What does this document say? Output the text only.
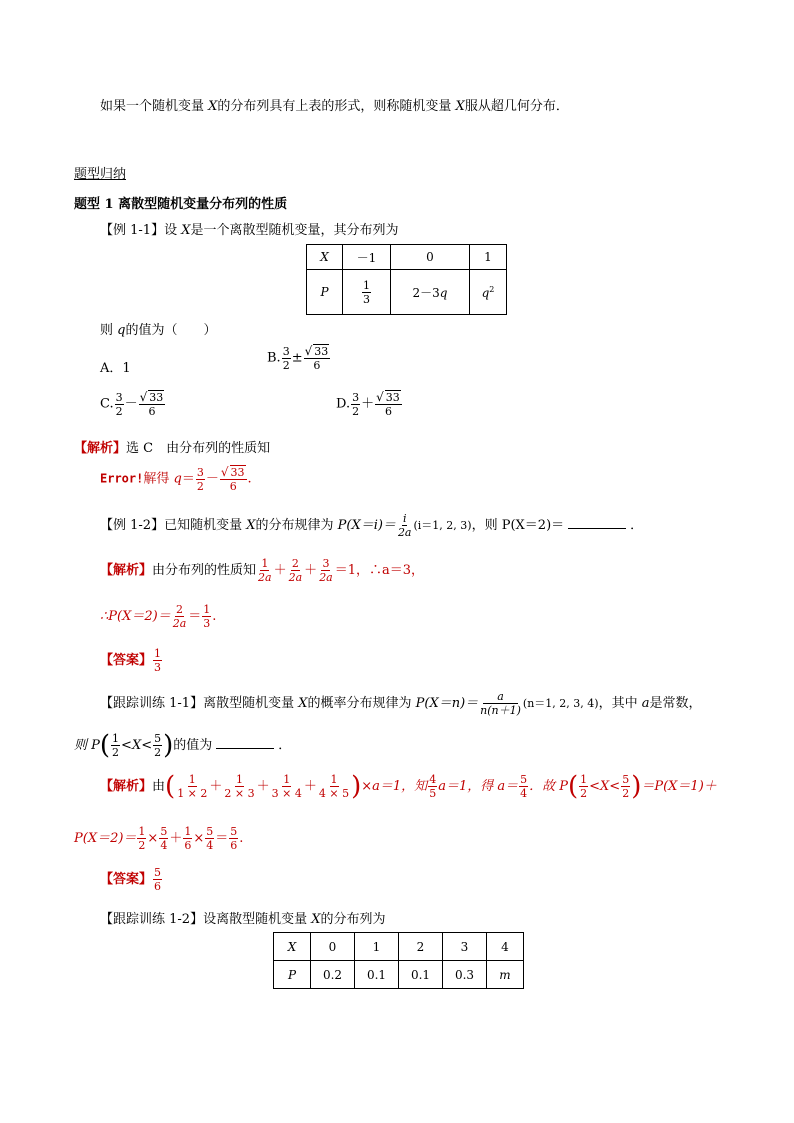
如果一个随机变量 X的分布列具有上表的形式，则称随机变量 X服从超几何分布．
题型归纳
题型 1 离散型随机变量分布列的性质
【例 1-1】设 X是一个离散型随机变量，其分布列为
X	－1	0	1
P	$\frac{1}{3}$	2－3q	$q^2$
则 q的值为（　　）
A．1
B. $\frac{3}{2} \pm \frac{√ 33}{6}$
C. $\frac{3}{2} - \frac{√ 33}{6}$	D. $\frac{3}{2} + \frac{√ 33}{6}$
【解析】选 C　由分布列的性质知
Error!解得 $q= \frac{3}{2} - \frac{√ 33}{6}$ .
【例 1-2】已知随机变量 X的分布规律为 $P(X=i)= \frac{i}{2a} (i=1$, 2, 3)，则 P(X＝2)＝	．
【解析】由分布列的性质知 $\frac{1}{2a} + \frac{2}{2a} + \frac{3}{2a} =1$，∴a＝3，
∴P(X＝2)＝ $\frac{2}{2a} = \frac{1}{3}$ .
【答案】 $\frac{1}{3}$
【跟踪训练 1-1】离散型随机变量 X的概率分布规律为 $P(X=n)= \frac{a}{n(n+1)} (n=1$, 2, 3, 4)，其中 a是常数，
则 $P( \frac{1}{2} <X< \frac{5}{2}$ )的值为	．
【解析】由( $\frac{1}{1 \times 2} + \frac{1}{2 \times 3} + \frac{1}{3 \times 4} + \frac{1}{4 \times 5} )\times a=1$，知 $\frac{4}{5} a=1$，得 $a= \frac{5}{4}$ ．故 $P( \frac{1}{2} <X< \frac{5}{2} )=P(X=1)+$
$P(X=2)= \frac{1}{2} \times \frac{5}{4} + \frac{1}{6} \times \frac{5}{4} = \frac{5}{6}$ .
【答案】 $\frac{5}{6}$
【跟踪训练 1-2】设离散型随机变量 X的分布列为
X	0	1	2	3	4
P	0.2	0.1	0.1	0.3	m
